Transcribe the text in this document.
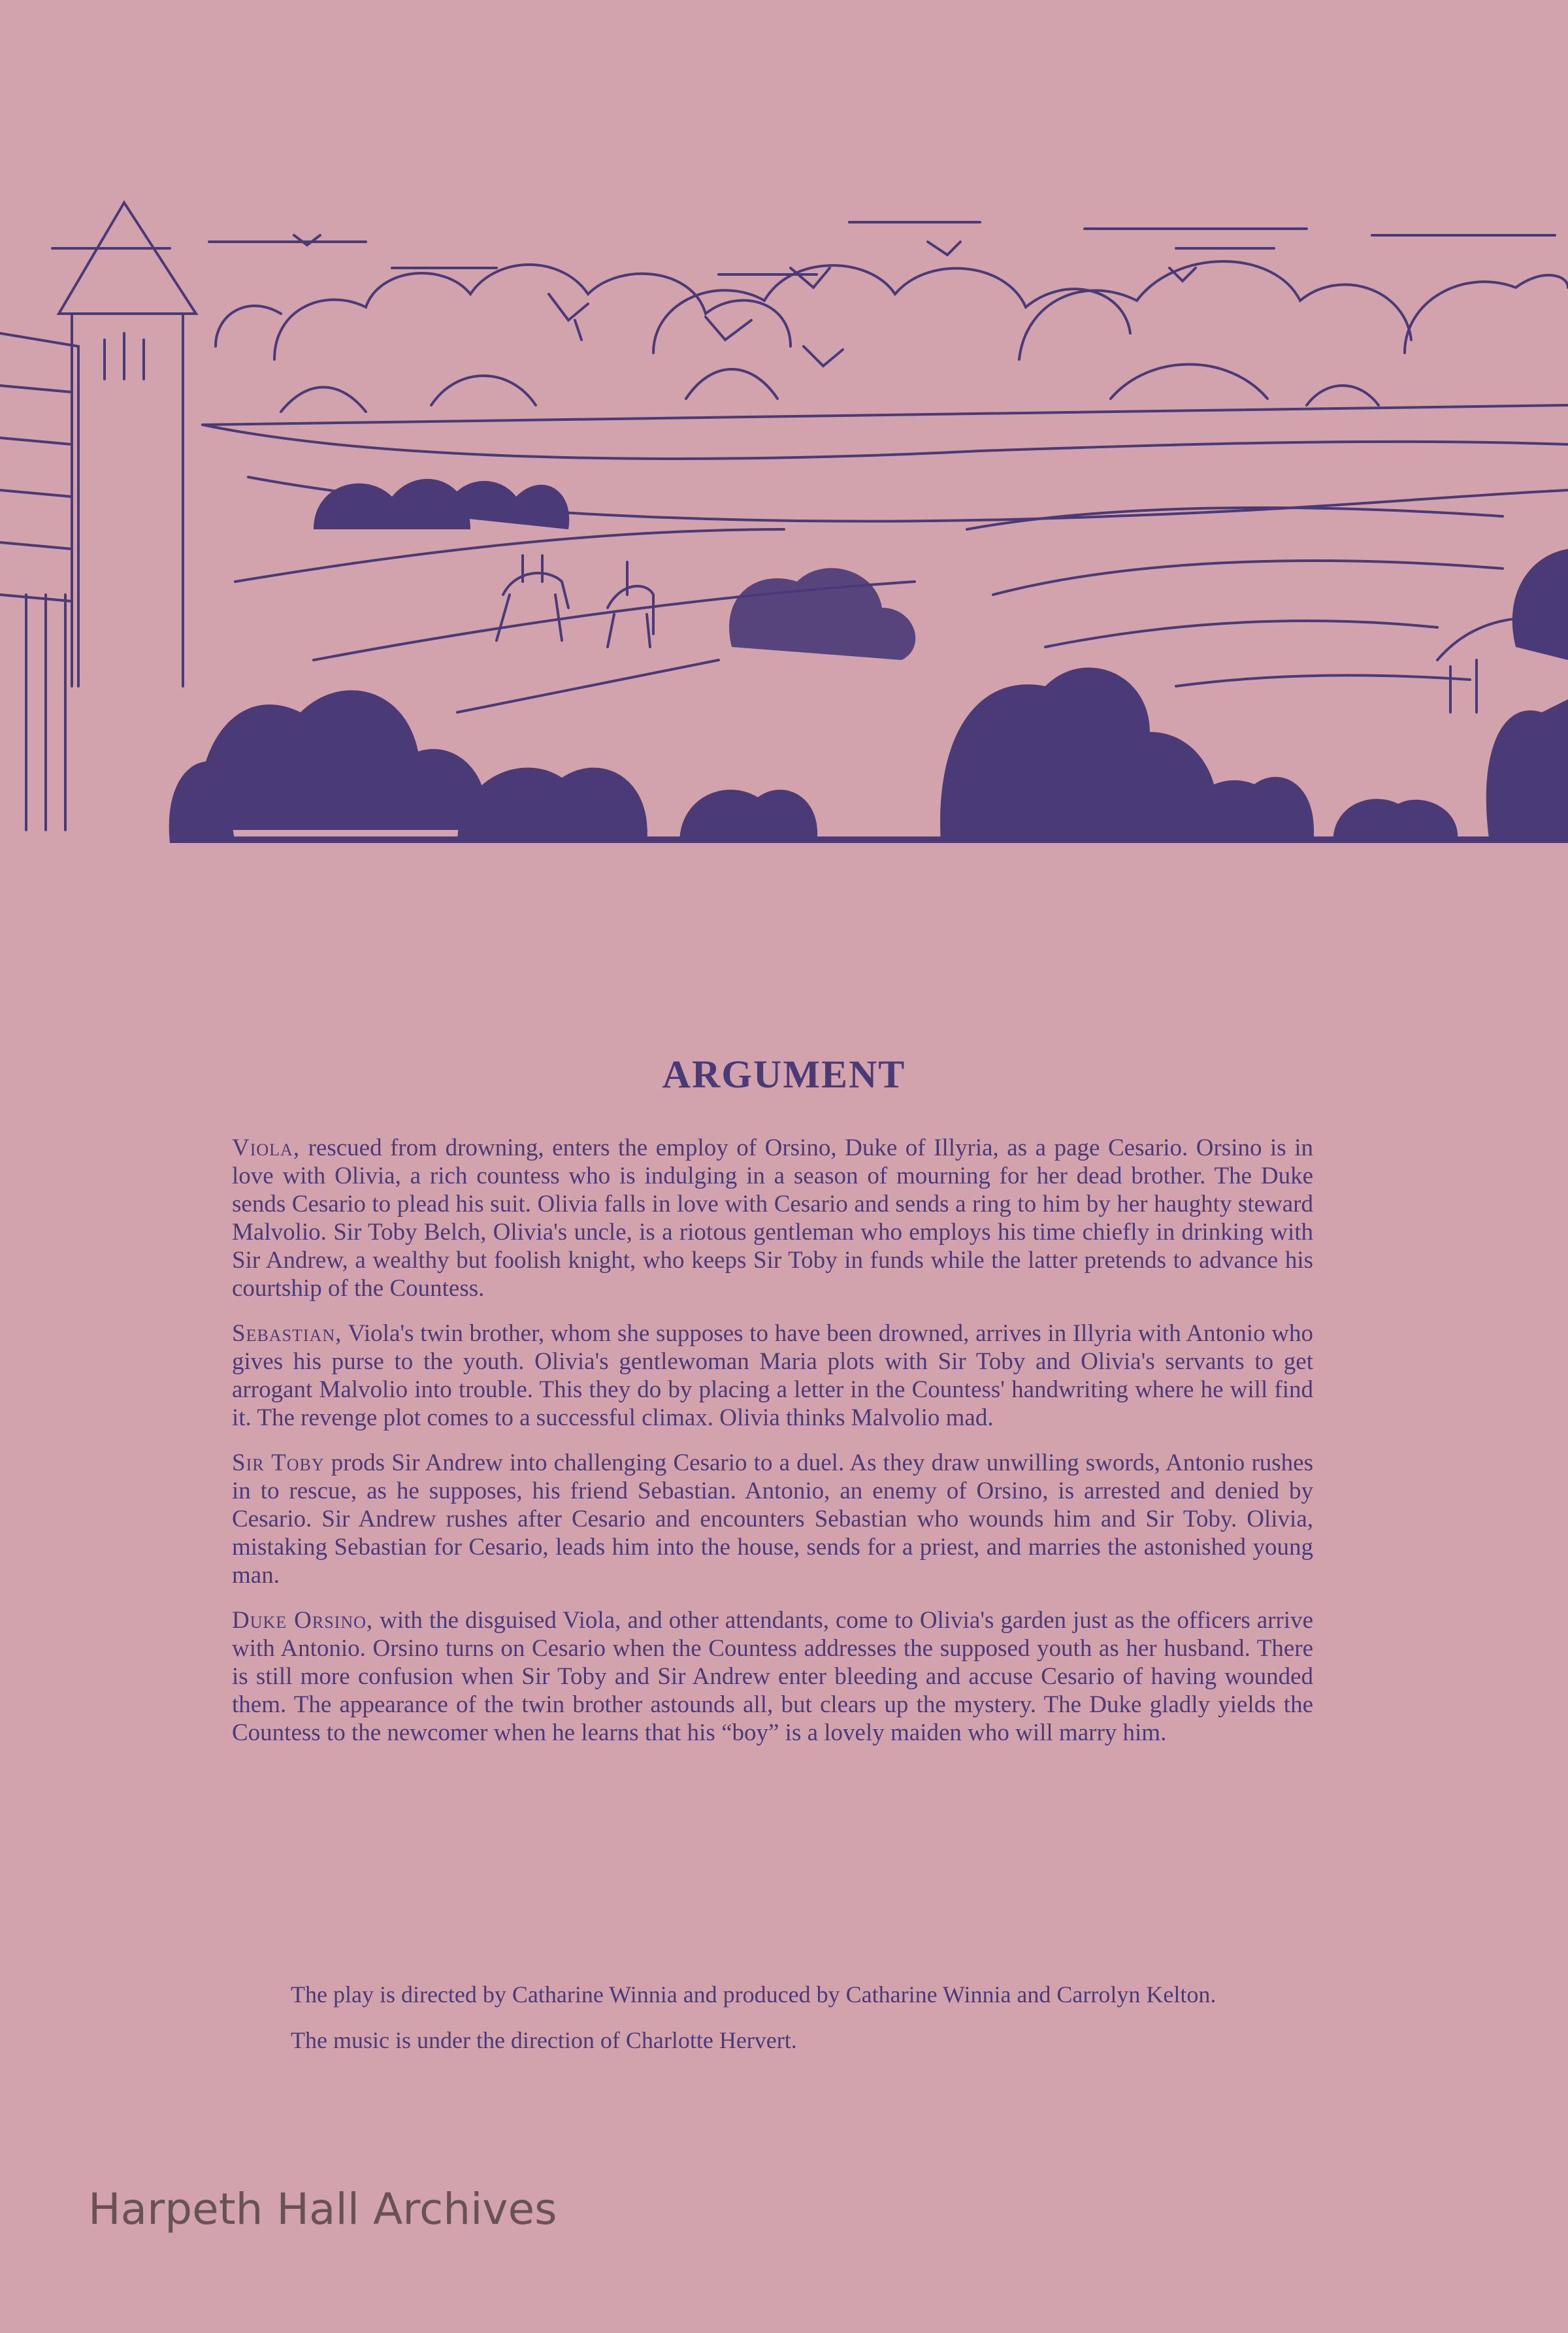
ARGUMENT

Viola, rescued from drowning, enters the employ of Orsino, Duke of Illyria, as a page Cesario. Orsino is in love with Olivia, a rich countess who is indulging in a season of mourning for her dead brother. The Duke sends Cesario to plead his suit. Olivia falls in love with Cesario and sends a ring to him by her haughty steward Malvolio. Sir Toby Belch, Olivia's uncle, is a riotous gentleman who employs his time chiefly in drinking with Sir Andrew, a wealthy but foolish knight, who keeps Sir Toby in funds while the latter pretends to advance his courtship of the Countess.

Sebastian, Viola's twin brother, whom she supposes to have been drowned, arrives in Illyria with Antonio who gives his purse to the youth. Olivia's gentlewoman Maria plots with Sir Toby and Olivia's servants to get arrogant Malvolio into trouble. This they do by placing a letter in the Countess' handwriting where he will find it. The revenge plot comes to a successful climax. Olivia thinks Malvolio mad.

Sir Toby prods Sir Andrew into challenging Cesario to a duel. As they draw unwilling swords, Antonio rushes in to rescue, as he supposes, his friend Sebastian. Antonio, an enemy of Orsino, is arrested and denied by Cesario. Sir Andrew rushes after Cesario and encounters Sebastian who wounds him and Sir Toby. Olivia, mistaking Sebastian for Cesario, leads him into the house, sends for a priest, and marries the astonished young man.

Duke Orsino, with the disguised Viola, and other attendants, come to Olivia's garden just as the officers arrive with Antonio. Orsino turns on Cesario when the Countess addresses the supposed youth as her husband. There is still more confusion when Sir Toby and Sir Andrew enter bleeding and accuse Cesario of having wounded them. The appearance of the twin brother astounds all, but clears up the mystery. The Duke gladly yields the Countess to the newcomer when he learns that his “boy” is a lovely maiden who will marry him.

The play is directed by Catharine Winnia and produced by Catharine Winnia and Carrolyn Kelton.

The music is under the direction of Charlotte Hervert.

Harpeth Hall Archives
